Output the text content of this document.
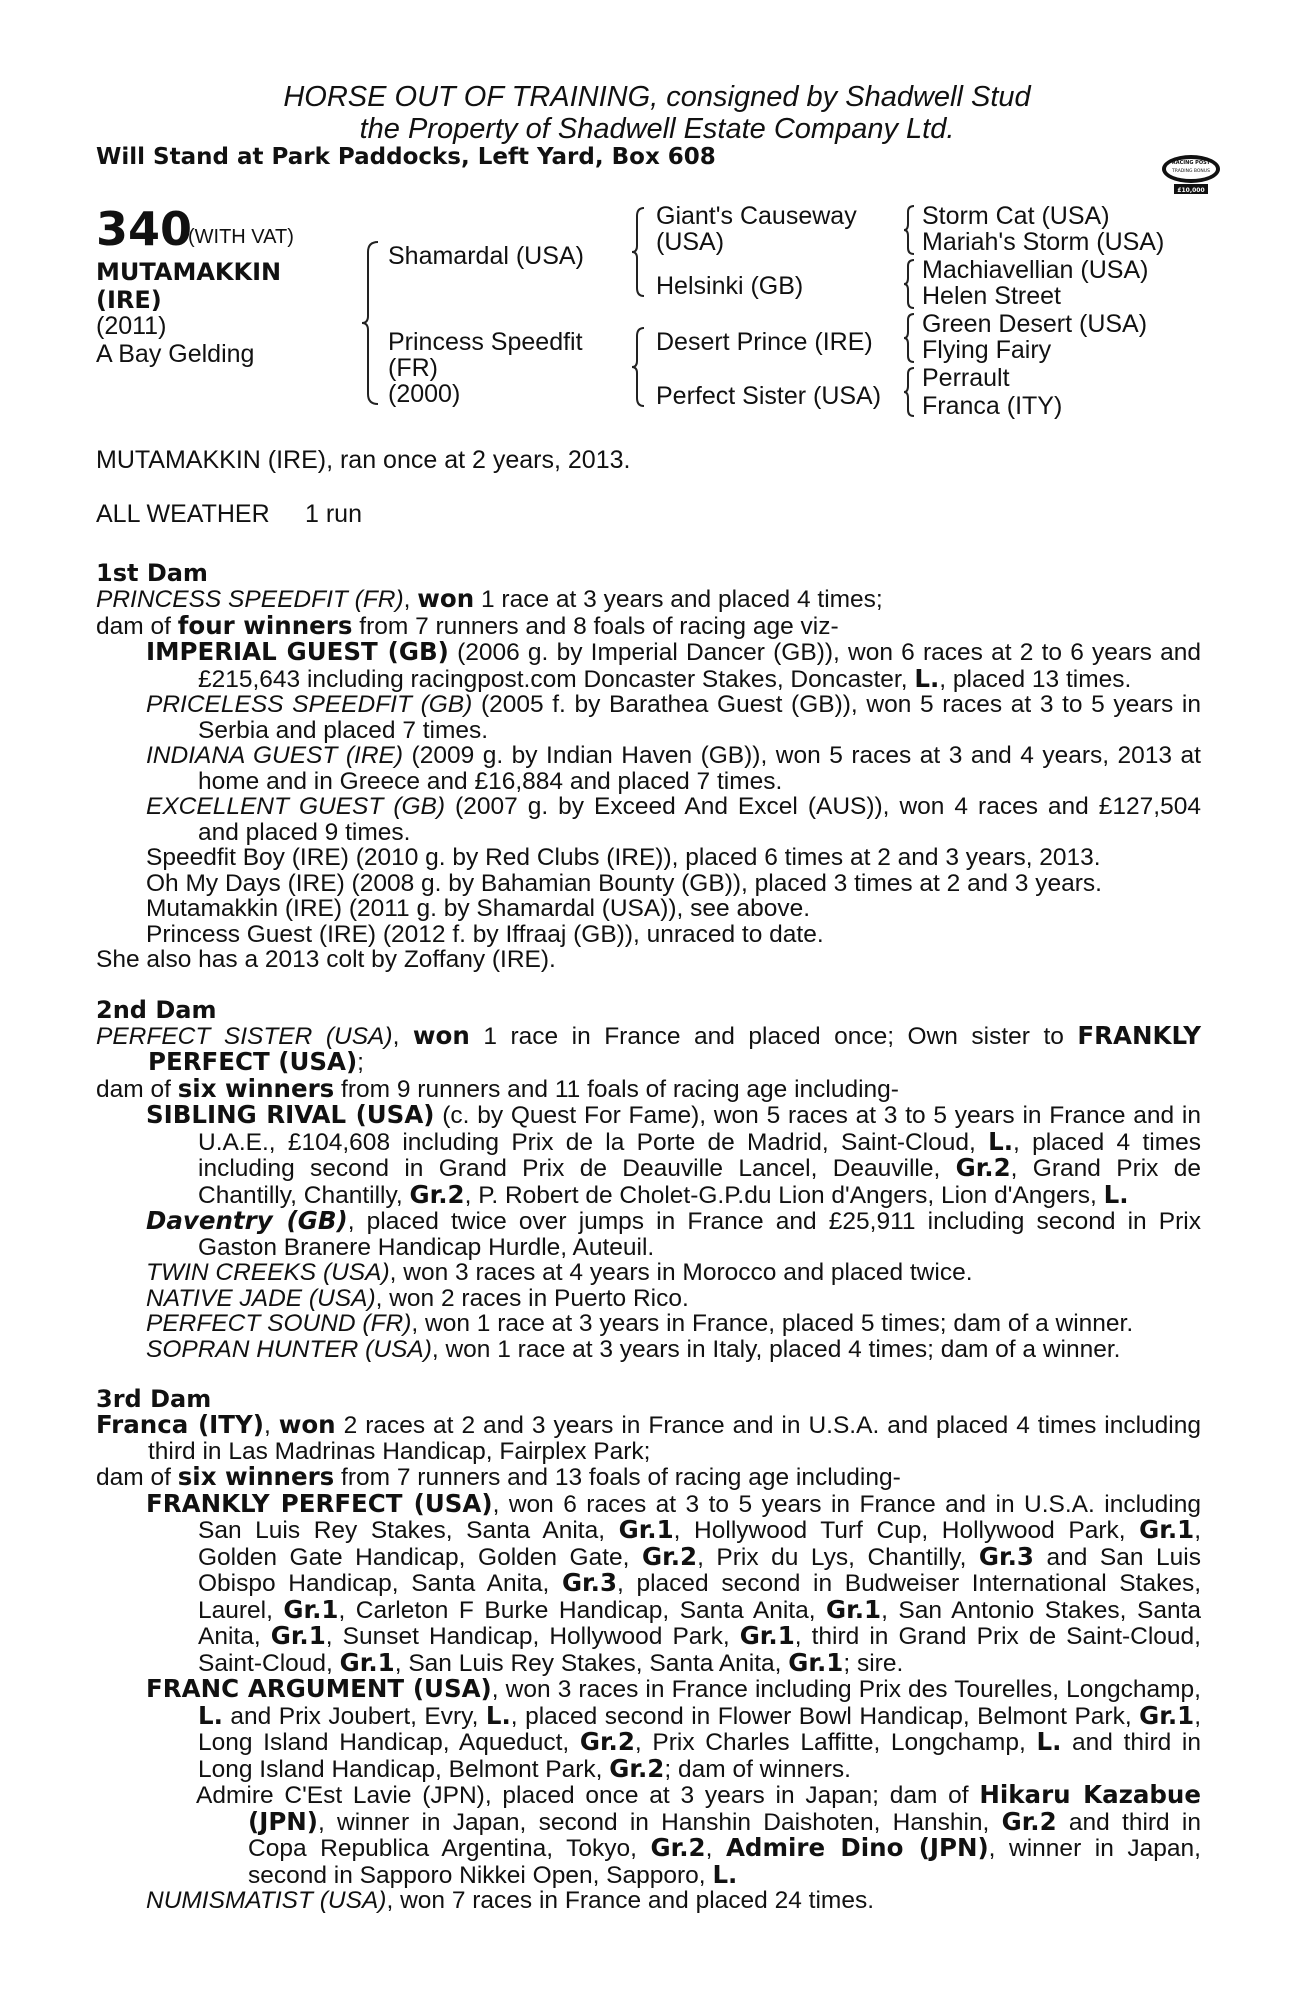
HORSE OUT OF TRAINING, consigned by Shadwell Stud
the Property of Shadwell Estate Company Ltd.
Will Stand at Park Paddocks, Left Yard, Box 608	RACING POST
TRADING BONUS
£10,000
340
(WITH VAT)
MUTAMAKKIN
(IRE)
(2011)
A Bay Gelding
Shamardal (USA)
Princess Speedfit
(FR)
(2000)
Giant's Causeway
(USA)
Helsinki (GB)
Desert Prince (IRE)
Perfect Sister (USA)
Storm Cat (USA)
Mariah's Storm (USA)
Machiavellian (USA)
Helen Street
Green Desert (USA)
Flying Fairy
Perrault
Franca (ITY)
MUTAMAKKIN (IRE), ran once at 2 years, 2013.
ALL WEATHER 1 run
1st Dam

PRINCESS SPEEDFIT (FR), won 1 race at 3 years and placed 4 times;

dam of four winners from 7 runners and 8 foals of racing age viz-

IMPERIAL GUEST (GB) (2006 g. by Imperial Dancer (GB)), won 6 races at 2 to 6 years and £215,643 including racingpost.com Doncaster Stakes, Doncaster, L., placed 13 times.

PRICELESS SPEEDFIT (GB) (2005 f. by Barathea Guest (GB)), won 5 races at 3 to 5 years in Serbia and placed 7 times.

INDIANA GUEST (IRE) (2009 g. by Indian Haven (GB)), won 5 races at 3 and 4 years, 2013 at home and in Greece and £16,884 and placed 7 times.

EXCELLENT GUEST (GB) (2007 g. by Exceed And Excel (AUS)), won 4 races and £127,504 and placed 9 times.

Speedfit Boy (IRE) (2010 g. by Red Clubs (IRE)), placed 6 times at 2 and 3 years, 2013.

Oh My Days (IRE) (2008 g. by Bahamian Bounty (GB)), placed 3 times at 2 and 3 years.

Mutamakkin (IRE) (2011 g. by Shamardal (USA)), see above.

Princess Guest (IRE) (2012 f. by Iffraaj (GB)), unraced to date.

She also has a 2013 colt by Zoffany (IRE).

2nd Dam

PERFECT SISTER (USA), won 1 race in France and placed once; Own sister to FRANKLY PERFECT (USA);

dam of six winners from 9 runners and 11 foals of racing age including-

SIBLING RIVAL (USA) (c. by Quest For Fame), won 5 races at 3 to 5 years in France and in U.A.E., £104,608 including Prix de la Porte de Madrid, Saint-Cloud, L., placed 4 times including second in Grand Prix de Deauville Lancel, Deauville, Gr.2, Grand Prix de Chantilly, Chantilly, Gr.2, P. Robert de Cholet-G.P.du Lion d'Angers, Lion d'Angers, L.

Daventry (GB), placed twice over jumps in France and £25,911 including second in Prix Gaston Branere Handicap Hurdle, Auteuil.

TWIN CREEKS (USA), won 3 races at 4 years in Morocco and placed twice.

NATIVE JADE (USA), won 2 races in Puerto Rico.

PERFECT SOUND (FR), won 1 race at 3 years in France, placed 5 times; dam of a winner.

SOPRAN HUNTER (USA), won 1 race at 3 years in Italy, placed 4 times; dam of a winner.

3rd Dam

Franca (ITY), won 2 races at 2 and 3 years in France and in U.S.A. and placed 4 times including third in Las Madrinas Handicap, Fairplex Park;

dam of six winners from 7 runners and 13 foals of racing age including-

FRANKLY PERFECT (USA), won 6 races at 3 to 5 years in France and in U.S.A. including San Luis Rey Stakes, Santa Anita, Gr.1, Hollywood Turf Cup, Hollywood Park, Gr.1, Golden Gate Handicap, Golden Gate, Gr.2, Prix du Lys, Chantilly, Gr.3 and San Luis Obispo Handicap, Santa Anita, Gr.3, placed second in Budweiser International Stakes, Laurel, Gr.1, Carleton F Burke Handicap, Santa Anita, Gr.1, San Antonio Stakes, Santa Anita, Gr.1, Sunset Handicap, Hollywood Park, Gr.1, third in Grand Prix de Saint-Cloud, Saint-Cloud, Gr.1, San Luis Rey Stakes, Santa Anita, Gr.1; sire.

FRANC ARGUMENT (USA), won 3 races in France including Prix des Tourelles, Longchamp, L. and Prix Joubert, Evry, L., placed second in Flower Bowl Handicap, Belmont Park, Gr.1, Long Island Handicap, Aqueduct, Gr.2, Prix Charles Laffitte, Longchamp, L. and third in Long Island Handicap, Belmont Park, Gr.2; dam of winners.

Admire C'Est Lavie (JPN), placed once at 3 years in Japan; dam of Hikaru Kazabue (JPN), winner in Japan, second in Hanshin Daishoten, Hanshin, Gr.2 and third in Copa Republica Argentina, Tokyo, Gr.2, Admire Dino (JPN), winner in Japan, second in Sapporo Nikkei Open, Sapporo, L.

NUMISMATIST (USA), won 7 races in France and placed 24 times.
